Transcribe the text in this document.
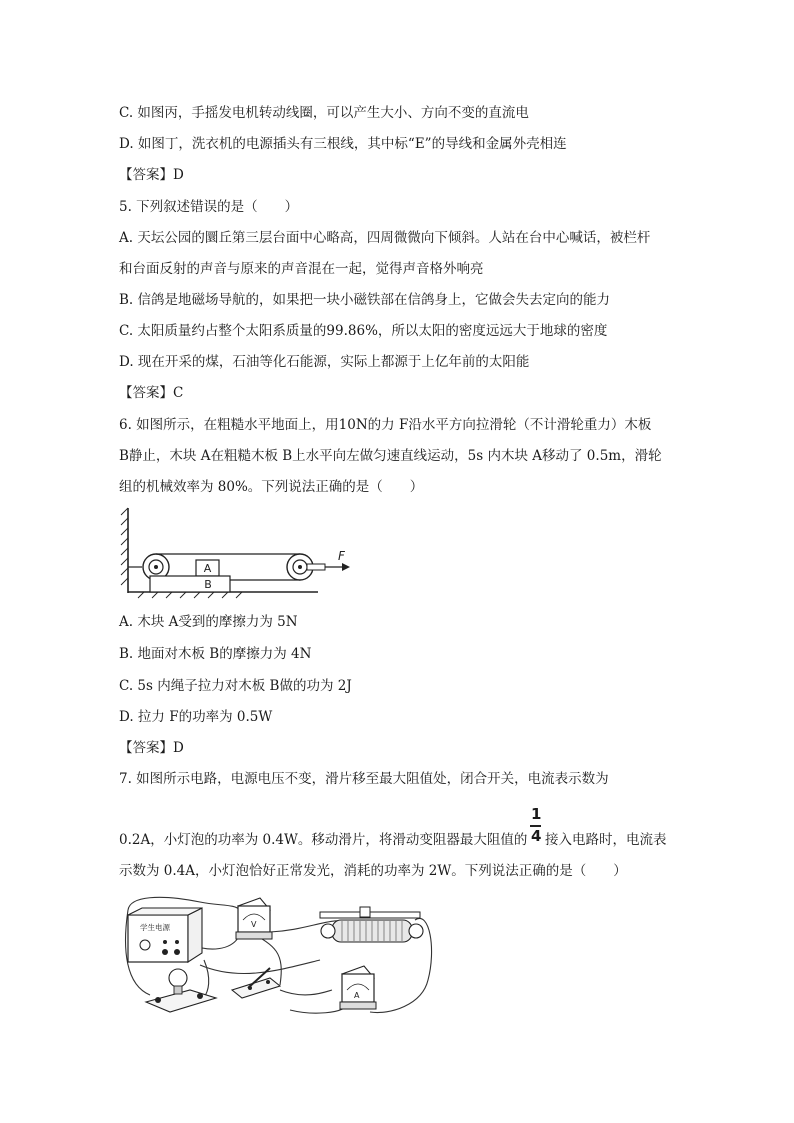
C. 如图丙，手摇发电机转动线圈，可以产生大小、方向不变的直流电
D. 如图丁，洗衣机的电源插头有三根线，其中标“E”的导线和金属外壳相连
【答案】D
5. 下列叙述错误的是（　　）
A. 天坛公园的圜丘第三层台面中心略高，四周微微向下倾斜。人站在台中心喊话，被栏杆
和台面反射的声音与原来的声音混在一起，觉得声音格外响亮
B. 信鸽是地磁场导航的，如果把一块小磁铁部在信鸽身上，它做会失去定向的能力
C. 太阳质量约占整个太阳系质量的99.86%，所以太阳的密度远远大于地球的密度
D. 现在开采的煤，石油等化石能源，实际上都源于上亿年前的太阳能
【答案】C
6. 如图所示，在粗糙水平地面上，用10N的力 F沿水平方向拉滑轮（不计滑轮重力）木板
B静止，木块 A在粗糙木板 B上水平向左做匀速直线运动，5s 内木块 A移动了 0.5m，滑轮
组的机械效率为 80%。下列说法正确的是（　　）
A
B
F
A. 木块 A受到的摩擦力为 5N
B. 地面对木板 B的摩擦力为 4N
C. 5s 内绳子拉力对木板 B做的功为 2J
D. 拉力 F的功率为 0.5W
【答案】D
7. 如图所示电路，电源电压不变，滑片移至最大阻值处，闭合开关，电流表示数为
0.2A，小灯泡的功率为 0.4W。移动滑片，将滑动变阻器最大阻值的
1
4 接入电路时，电流表
示数为 0.4A，小灯泡恰好正常发光，消耗的功率为 2W。下列说法正确的是（　　）
学生电源	V
A
